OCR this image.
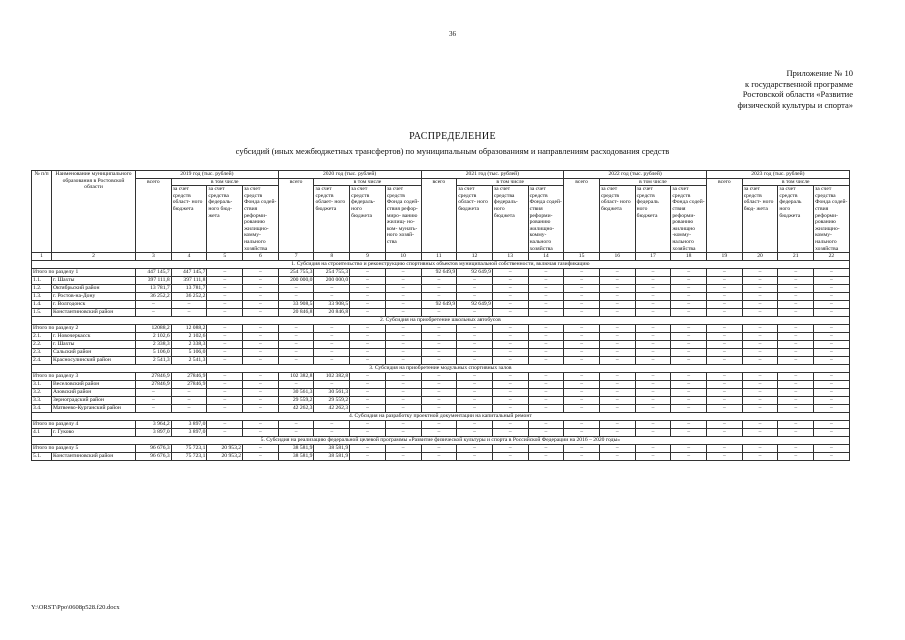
36
Приложение № 10
к государственной программе
Ростовской области «Развитие
физической культуры и спорта»
РАСПРЕДЕЛЕНИЕ
субсидий (иных межбюджетных трансфертов) по муниципальным образованиям и направлениям расходования средств
№ п/п	Наименование муниципального образования в Ростовской области	2019 год (тыс. рублей)				2020 год (тыс. рублей)				2021 год (тыс. рублей)				2022 год (тыс. рублей)				2023 год (тыс. рублей)			
		всего	в том числе			всего	в том числе			всего	в том числе			всего	в том числе			всего	в том числе		
			за счет средств област- ного бюджета	за счет средства федераль- ного бюд- жета	за счет средств Фонда содей- ствия реформи- рованию жилищно- комму- нального хозяйства		за счет средств облает- ного бюджета	за счет средств федераль- ного бюджета	за счет средств Фонда содей- ствия рефор- миро- ванию жилищ- но-ком- мунать- ного хозяй- ства		за счет средств област- ного бюджета	за счет средства федераль- ного бюджета	за счет средств Фонда содей- ствия реформи- рованию жилищно- комму- нального хозяйства		за счет средств област- ного бюджета	за счет средств федераль ного бюджета	за счет средств Фонда содей- ствия реформи- рованию жилищно -комму- нального хозяйства		за счет средств област- ного бюд- жета	за счет средств федераль ного бюджета	за счет средства Фонда содей- ствия реформи- рованию жилищно- комму- нального хозяйства
1	2	3	4	5	6	7	8	9	10	11	12	13	14	15	16	17	18	19	20	21	22
1. Субсидия на строительство и реконструкцию спортивных объектов муниципальной собственности, включая газификацию																					
Итого по разделу 1		447 145,7	447 145,7	–	–	254 755,3	254 755,3	–	–	92 649,9	92 649,9	–	–	–	–	–	–	–	–	–	–
1.1.	г. Шахты	397 111,8	397 111,8	–	–	200 000,0	200 000,0	–	–	–	–	–	–	–	–	–	–	–	–	–	–
1.2.	Октябрьский район	13 781,7	13 781,7	–	–	–	–	–	–	–	–	–	–	–	–	–	–	–	–	–	–
1.3.	г. Ростов-на-Дону	36 252,2	36 252,2	–	–	–	–	–	–	–	–	–	–	–	–	–	–	–	–	–	–
1.4.	г. Волгодонск	–	–	–	–	33 908,5	33 908,5	–	–	92 649,9	92 649,9	–	–	–	–	–	–	–	–	–	–
1.5.	Константиновский район	–	–	–	–	20 846,8	20 846,8	–	–	–	–	–	–	–	–	–	–	–	–	–	–
2. Субсидия на приобретение школьных автобусов																					
Итого по разделу 2		12088,2	12 088,2	–	–	–	–	–	–	–	–	–	–	–	–	–	–	–	–	–	–
2.1.	г. Новочеркасск	2 102,6	2 102,6	–	–	–	–	–	–	–	–	–	–	–	–	–	–	–	–	–	–
2.2.	г. Шахты	2 338,3	2 338,3	–	–	–	–	–	–	–	–	–	–	–	–	–	–	–	–	–	–
2.3.	Сальский район	5 106,0	5 106,0	–	–	–	–	–	–	–	–	–	–	–	–	–	–	–	–	–	–
2.4.	Красносулинский район	2 541,3	2 541,3	–	–	–	–	–	–	–	–	–	–	–	–	–	–	–	–	–	–
3. Субсидия на приобретение модульных спортивных залов																					
Итого по разделу 3		27846,9	27846,9	–	–	102 382,8	102 382,8	–	–	–	–	–	–	–	–	–	–	–	–	–	–
3.1.	Веселовский район	27846,9	27846,9	–	–	–	–	–	–	–	–	–	–	–	–	–	–	–	–	–	–
3.2.	Азовский район	–	–	–	–	30 561,3	30 561,3	–	–	–	–	–	–	–	–	–	–	–	–	–	–
3.3.	Зерноградский район	–	–	–	–	29 559,2	29 559,2	–	–	–	–	–	–	–	–	–	–	–	–	–	–
3.4.	Матвеево-Курганский район	–	–	–	–	42 262,3	42 262,3	–	–	–	–	–	–	–	–	–	–	–	–	–	–
4. Субсидия на разработку проектной документации на капитальный ремонт																					
Итого по разделу 4		3 964,2	3 897,0	–	–	–	–	–	–	–	–	–	–	–	–	–	–	–	–	–	–
4.1	г. Гуково	3 897,0	3 897,0	–	–	–	–	–	–	–	–	–	–	–	–	–	–	–	–	–	–
5. Субсидия на реализацию федеральной целевой программы «Развитие физической культуры и спорта в Российской Федерации на 2016 – 2020 годы»																					
Итого по разделу 5		96 676,3	75 723,1	20 953,2	–	38 581,9	38 581,9	–	–	–	–	–	–	–	–	–	–	–	–	–	–
5.1.	Константиновский район	96 676,3	75 723,1	20 953,2	–	38 581,9	38 581,9	–	–	–	–	–	–	–	–	–	–	–	–	–	–
Y:\ORST\Ppo\0608p528.f20.docx
